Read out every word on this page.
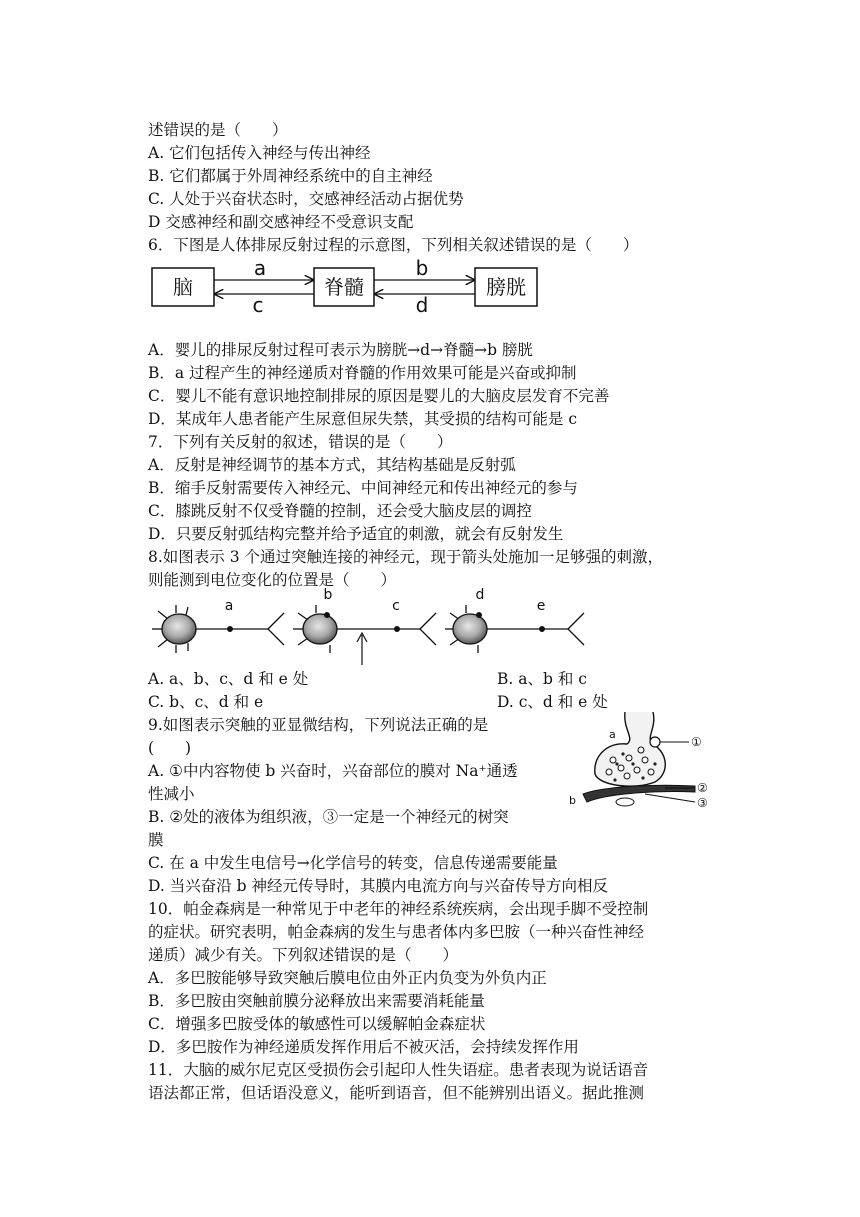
述错误的是（　　）
A. 它们包括传入神经与传出神经
B. 它们都属于外周神经系统中的自主神经
C. 人处于兴奋状态时，交感神经活动占据优势
D 交感神经和副交感神经不受意识支配
6．下图是人体排尿反射过程的示意图，下列相关叙述错误的是（　　）
脑	脊髓	膀胱
a
c
b
d
A．婴儿的排尿反射过程可表示为膀胱→d→脊髓→b 膀胱
B．a 过程产生的神经递质对脊髓的作用效果可能是兴奋或抑制
C．婴儿不能有意识地控制排尿的原因是婴儿的大脑皮层发育不完善
D．某成年人患者能产生尿意但尿失禁，其受损的结构可能是 c
7．下列有关反射的叙述，错误的是（　　）
A．反射是神经调节的基本方式，其结构基础是反射弧
B．缩手反射需要传入神经元、中间神经元和传出神经元的参与
C．膝跳反射不仅受脊髓的控制，还会受大脑皮层的调控
D．只要反射弧结构完整并给予适宜的刺激，就会有反射发生
8.如图表示 3 个通过突触连接的神经元，现于箭头处施加一足够强的刺激，
则能测到电位变化的位置是（　　）
a
b
c
d
e
A. a、b、c、d 和 e 处	B. a、b 和 c
C. b、c、d 和 e	D. c、d 和 e 处
9.如图表示突触的亚显微结构，下列说法正确的是
(　　)
A. ①中内容物使 b 兴奋时，兴奋部位的膜对 Na⁺通透
性减小
B. ②处的液体为组织液，③一定是一个神经元的树突
膜
C. 在 a 中发生电信号→化学信号的转变，信息传递需要能量
D. 当兴奋沿 b 神经元传导时，其膜内电流方向与兴奋传导方向相反
a
b
①
②
③
10．帕金森病是一种常见于中老年的神经系统疾病，会出现手脚不受控制
的症状。研究表明，帕金森病的发生与患者体内多巴胺（一种兴奋性神经
递质）减少有关。下列叙述错误的是（　　）
A．多巴胺能够导致突触后膜电位由外正内负变为外负内正
B．多巴胺由突触前膜分泌释放出来需要消耗能量
C．增强多巴胺受体的敏感性可以缓解帕金森症状
D．多巴胺作为神经递质发挥作用后不被灭活，会持续发挥作用
11．大脑的威尔尼克区受损伤会引起印人性失语症。患者表现为说话语音
语法都正常，但话语没意义，能听到语音，但不能辨别出语义。据此推测
